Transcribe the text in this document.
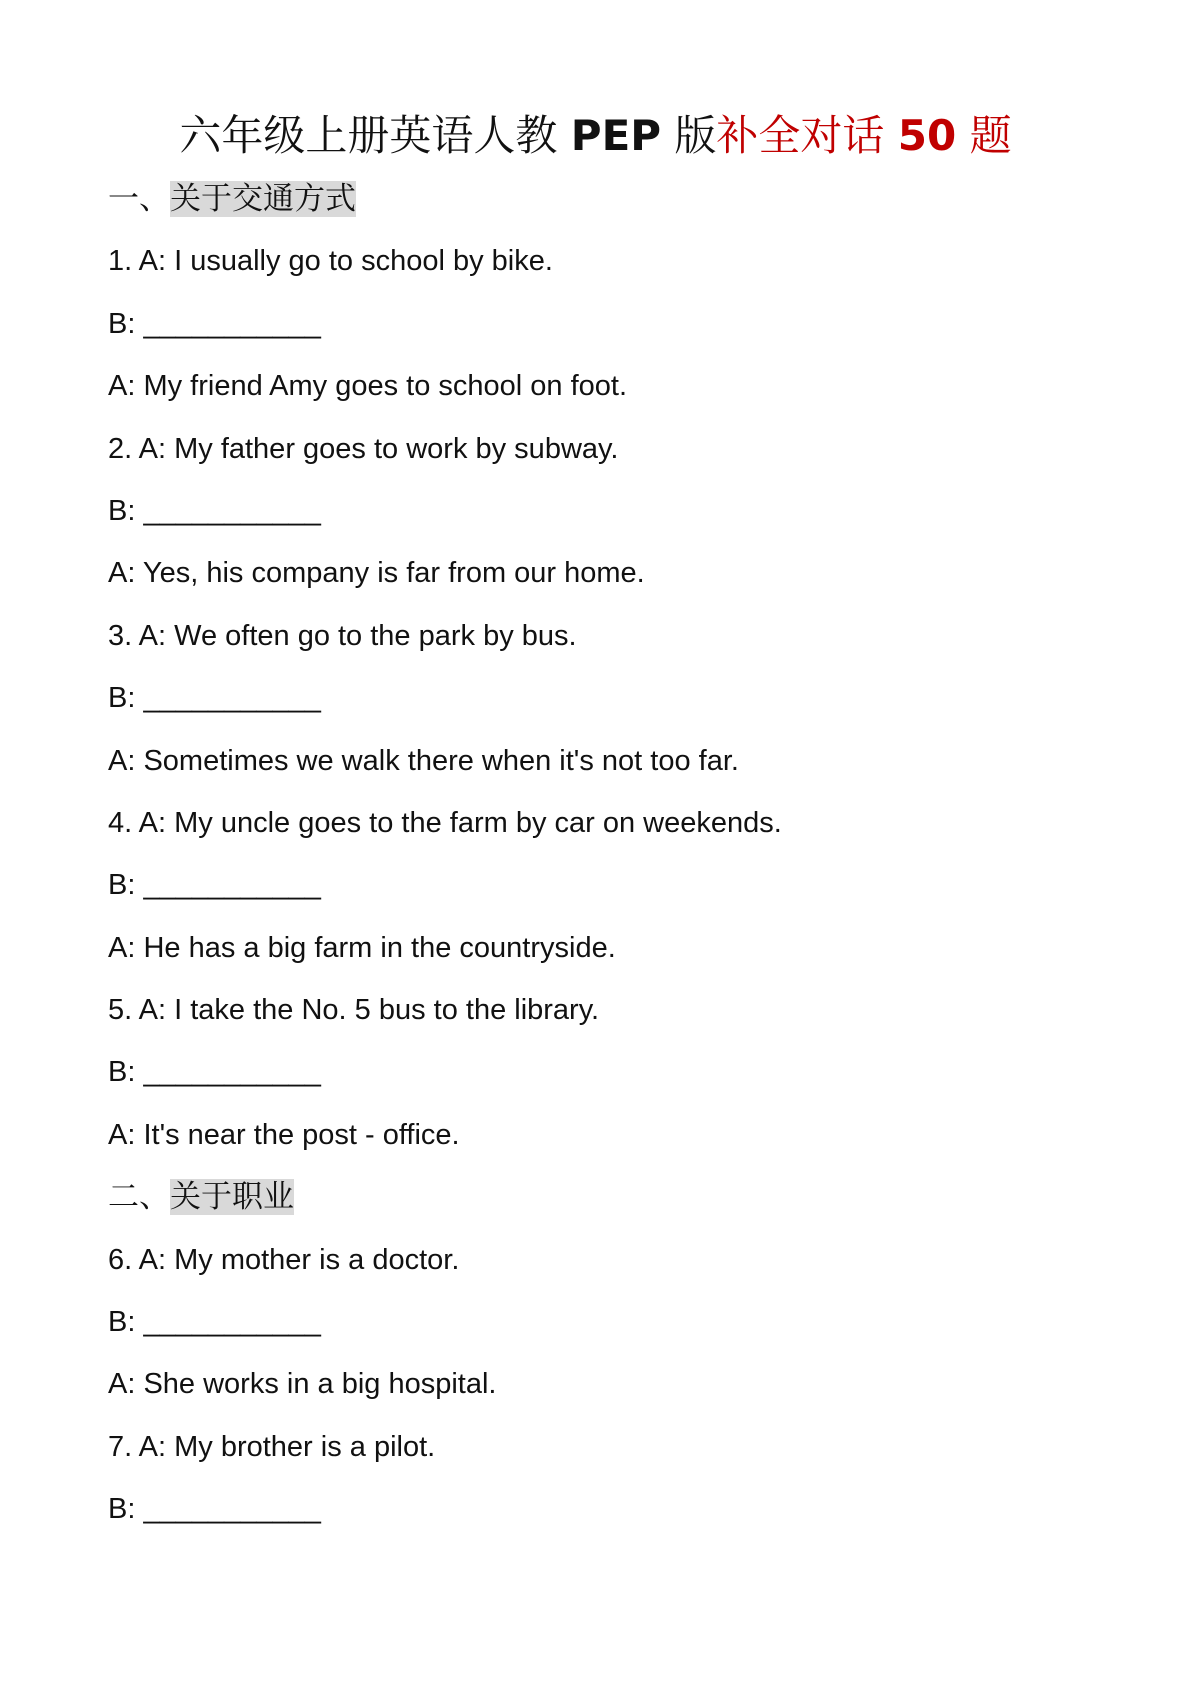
六年级上册英语人教 PEP 版补全对话 50 题
一、关于交通方式
1. A: I usually go to school by bike.
B: ___________
A: My friend Amy goes to school on foot.
2. A: My father goes to work by subway.
B: ___________
A: Yes, his company is far from our home.
3. A: We often go to the park by bus.
B: ___________
A: Sometimes we walk there when it's not too far.
4. A: My uncle goes to the farm by car on weekends.
B: ___________
A: He has a big farm in the countryside.
5. A: I take the No. 5 bus to the library.
B: ___________
A: It's near the post - office.
二、关于职业
6. A: My mother is a doctor.
B: ___________
A: She works in a big hospital.
7. A: My brother is a pilot.
B: ___________
